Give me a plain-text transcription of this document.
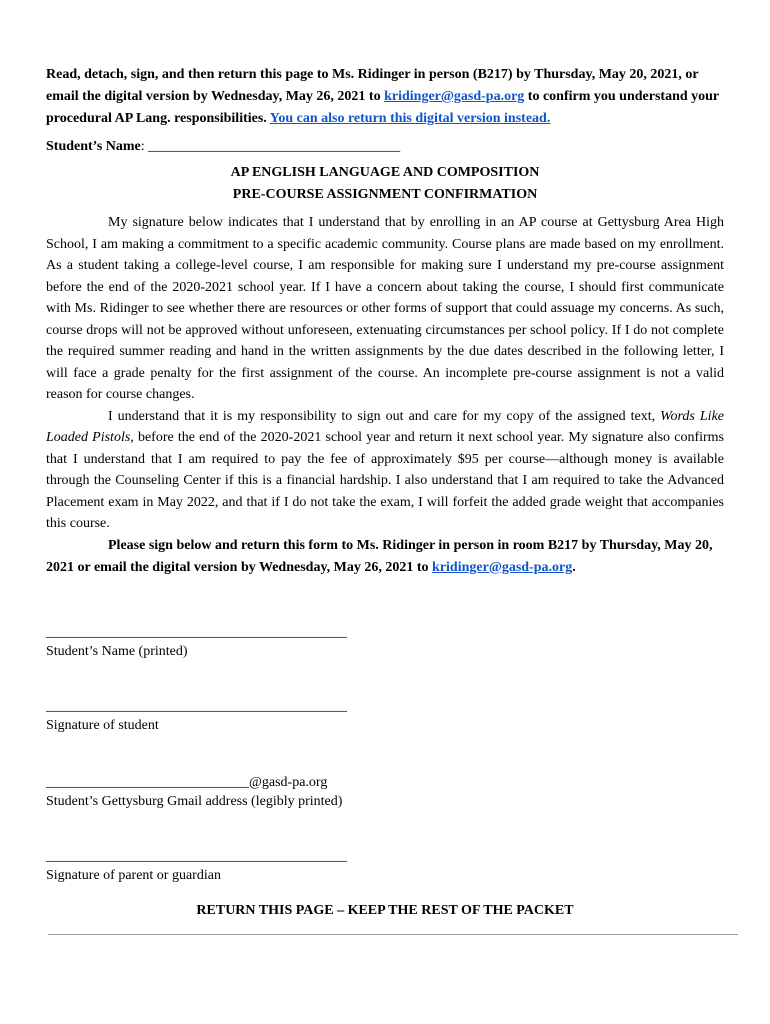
Read, detach, sign, and then return this page to Ms. Ridinger in person (B217) by Thursday, May 20, 2021, or email the digital version by Wednesday, May 26, 2021 to kridinger@gasd-pa.org to confirm you understand your procedural AP Lang. responsibilities. You can also return this digital version instead.

Student’s Name: ____________________________________
AP ENGLISH LANGUAGE AND COMPOSITION
PRE-COURSE ASSIGNMENT CONFIRMATION

My signature below indicates that I understand that by enrolling in an AP course at Gettysburg Area High School, I am making a commitment to a specific academic community. Course plans are made based on my enrollment. As a student taking a college-level course, I am responsible for making sure I understand my pre-course assignment before the end of the 2020-2021 school year. If I have a concern about taking the course, I should first communicate with Ms. Ridinger to see whether there are resources or other forms of support that could assuage my concerns. As such, course drops will not be approved without unforeseen, extenuating circumstances per school policy. If I do not complete the required summer reading and hand in the written assignments by the due dates described in the following letter, I will face a grade penalty for the first assignment of the course. An incomplete pre-course assignment is not a valid reason for course changes.

I understand that it is my responsibility to sign out and care for my copy of the assigned text, Words Like Loaded Pistols, before the end of the 2020-2021 school year and return it next school year. My signature also confirms that I understand that I am required to pay the fee of approximately $95 per course—although money is available through the Counseling Center if this is a financial hardship. I also understand that I am required to take the Advanced Placement exam in May 2022, and that if I do not take the exam, I will forfeit the added grade weight that accompanies this course.

Please sign below and return this form to Ms. Ridinger in person in room B217 by Thursday, May 20, 2021 or email the digital version by Wednesday, May 26, 2021 to kridinger@gasd-pa.org.

___________________________________________
Student’s Name (printed)
___________________________________________
Signature of student
_____________________________@gasd-pa.org
Student’s Gettysburg Gmail address (legibly printed)
___________________________________________
Signature of parent or guardian
RETURN THIS PAGE – KEEP THE REST OF THE PACKET
